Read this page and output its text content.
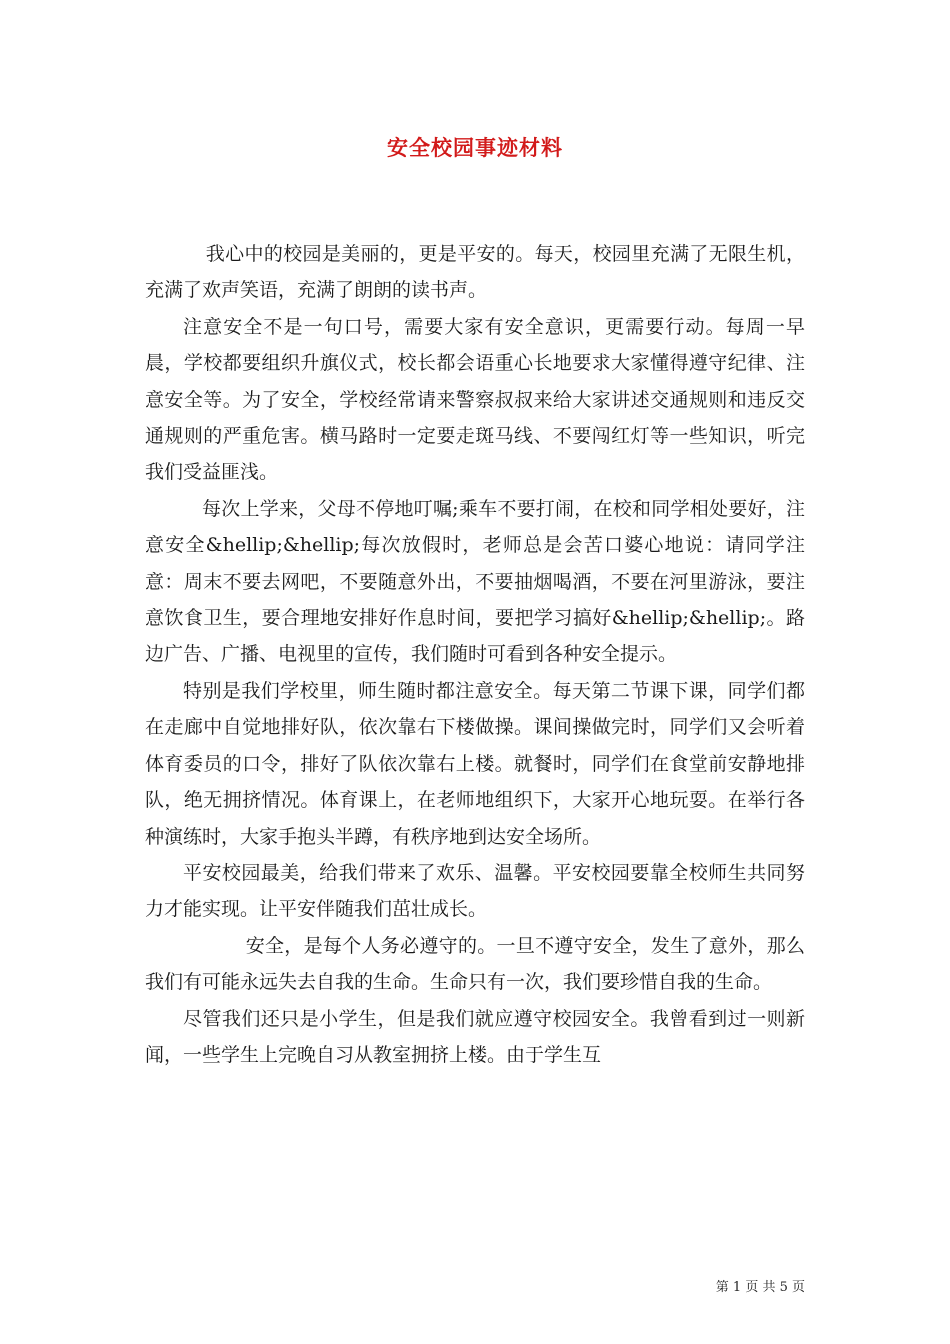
安全校园事迹材料

我心中的校园是美丽的，更是平安的。每天，校园里充满了无限生机，充满了欢声笑语，充满了朗朗的读书声。

注意安全不是一句口号，需要大家有安全意识，更需要行动。每周一早晨，学校都要组织升旗仪式，校长都会语重心长地要求大家懂得遵守纪律、注意安全等。为了安全，学校经常请来警察叔叔来给大家讲述交通规则和违反交通规则的严重危害。横马路时一定要走斑马线、不要闯红灯等一些知识，听完我们受益匪浅。

每次上学来，父母不停地叮嘱;乘车不要打闹，在校和同学相处要好，注意安全&hellip;&hellip;每次放假时，老师总是会苦口婆心地说：请同学注意：周末不要去网吧，不要随意外出，不要抽烟喝酒，不要在河里游泳，要注意饮食卫生，要合理地安排好作息时间，要把学习搞好&hellip;&hellip;。路边广告、广播、电视里的宣传，我们随时可看到各种安全提示。

特别是我们学校里，师生随时都注意安全。每天第二节课下课，同学们都在走廊中自觉地排好队，依次靠右下楼做操。课间操做完时，同学们又会听着体育委员的口令，排好了队依次靠右上楼。就餐时，同学们在食堂前安静地排队，绝无拥挤情况。体育课上，在老师地组织下，大家开心地玩耍。在举行各种演练时，大家手抱头半蹲，有秩序地到达安全场所。

平安校园最美，给我们带来了欢乐、温馨。平安校园要靠全校师生共同努力才能实现。让平安伴随我们茁壮成长。

安全，是每个人务必遵守的。一旦不遵守安全，发生了意外，那么我们有可能永远失去自我的生命。生命只有一次，我们要珍惜自我的生命。

尽管我们还只是小学生，但是我们就应遵守校园安全。我曾看到过一则新闻，一些学生上完晚自习从教室拥挤上楼。由于学生互

第 1 页 共 5 页
